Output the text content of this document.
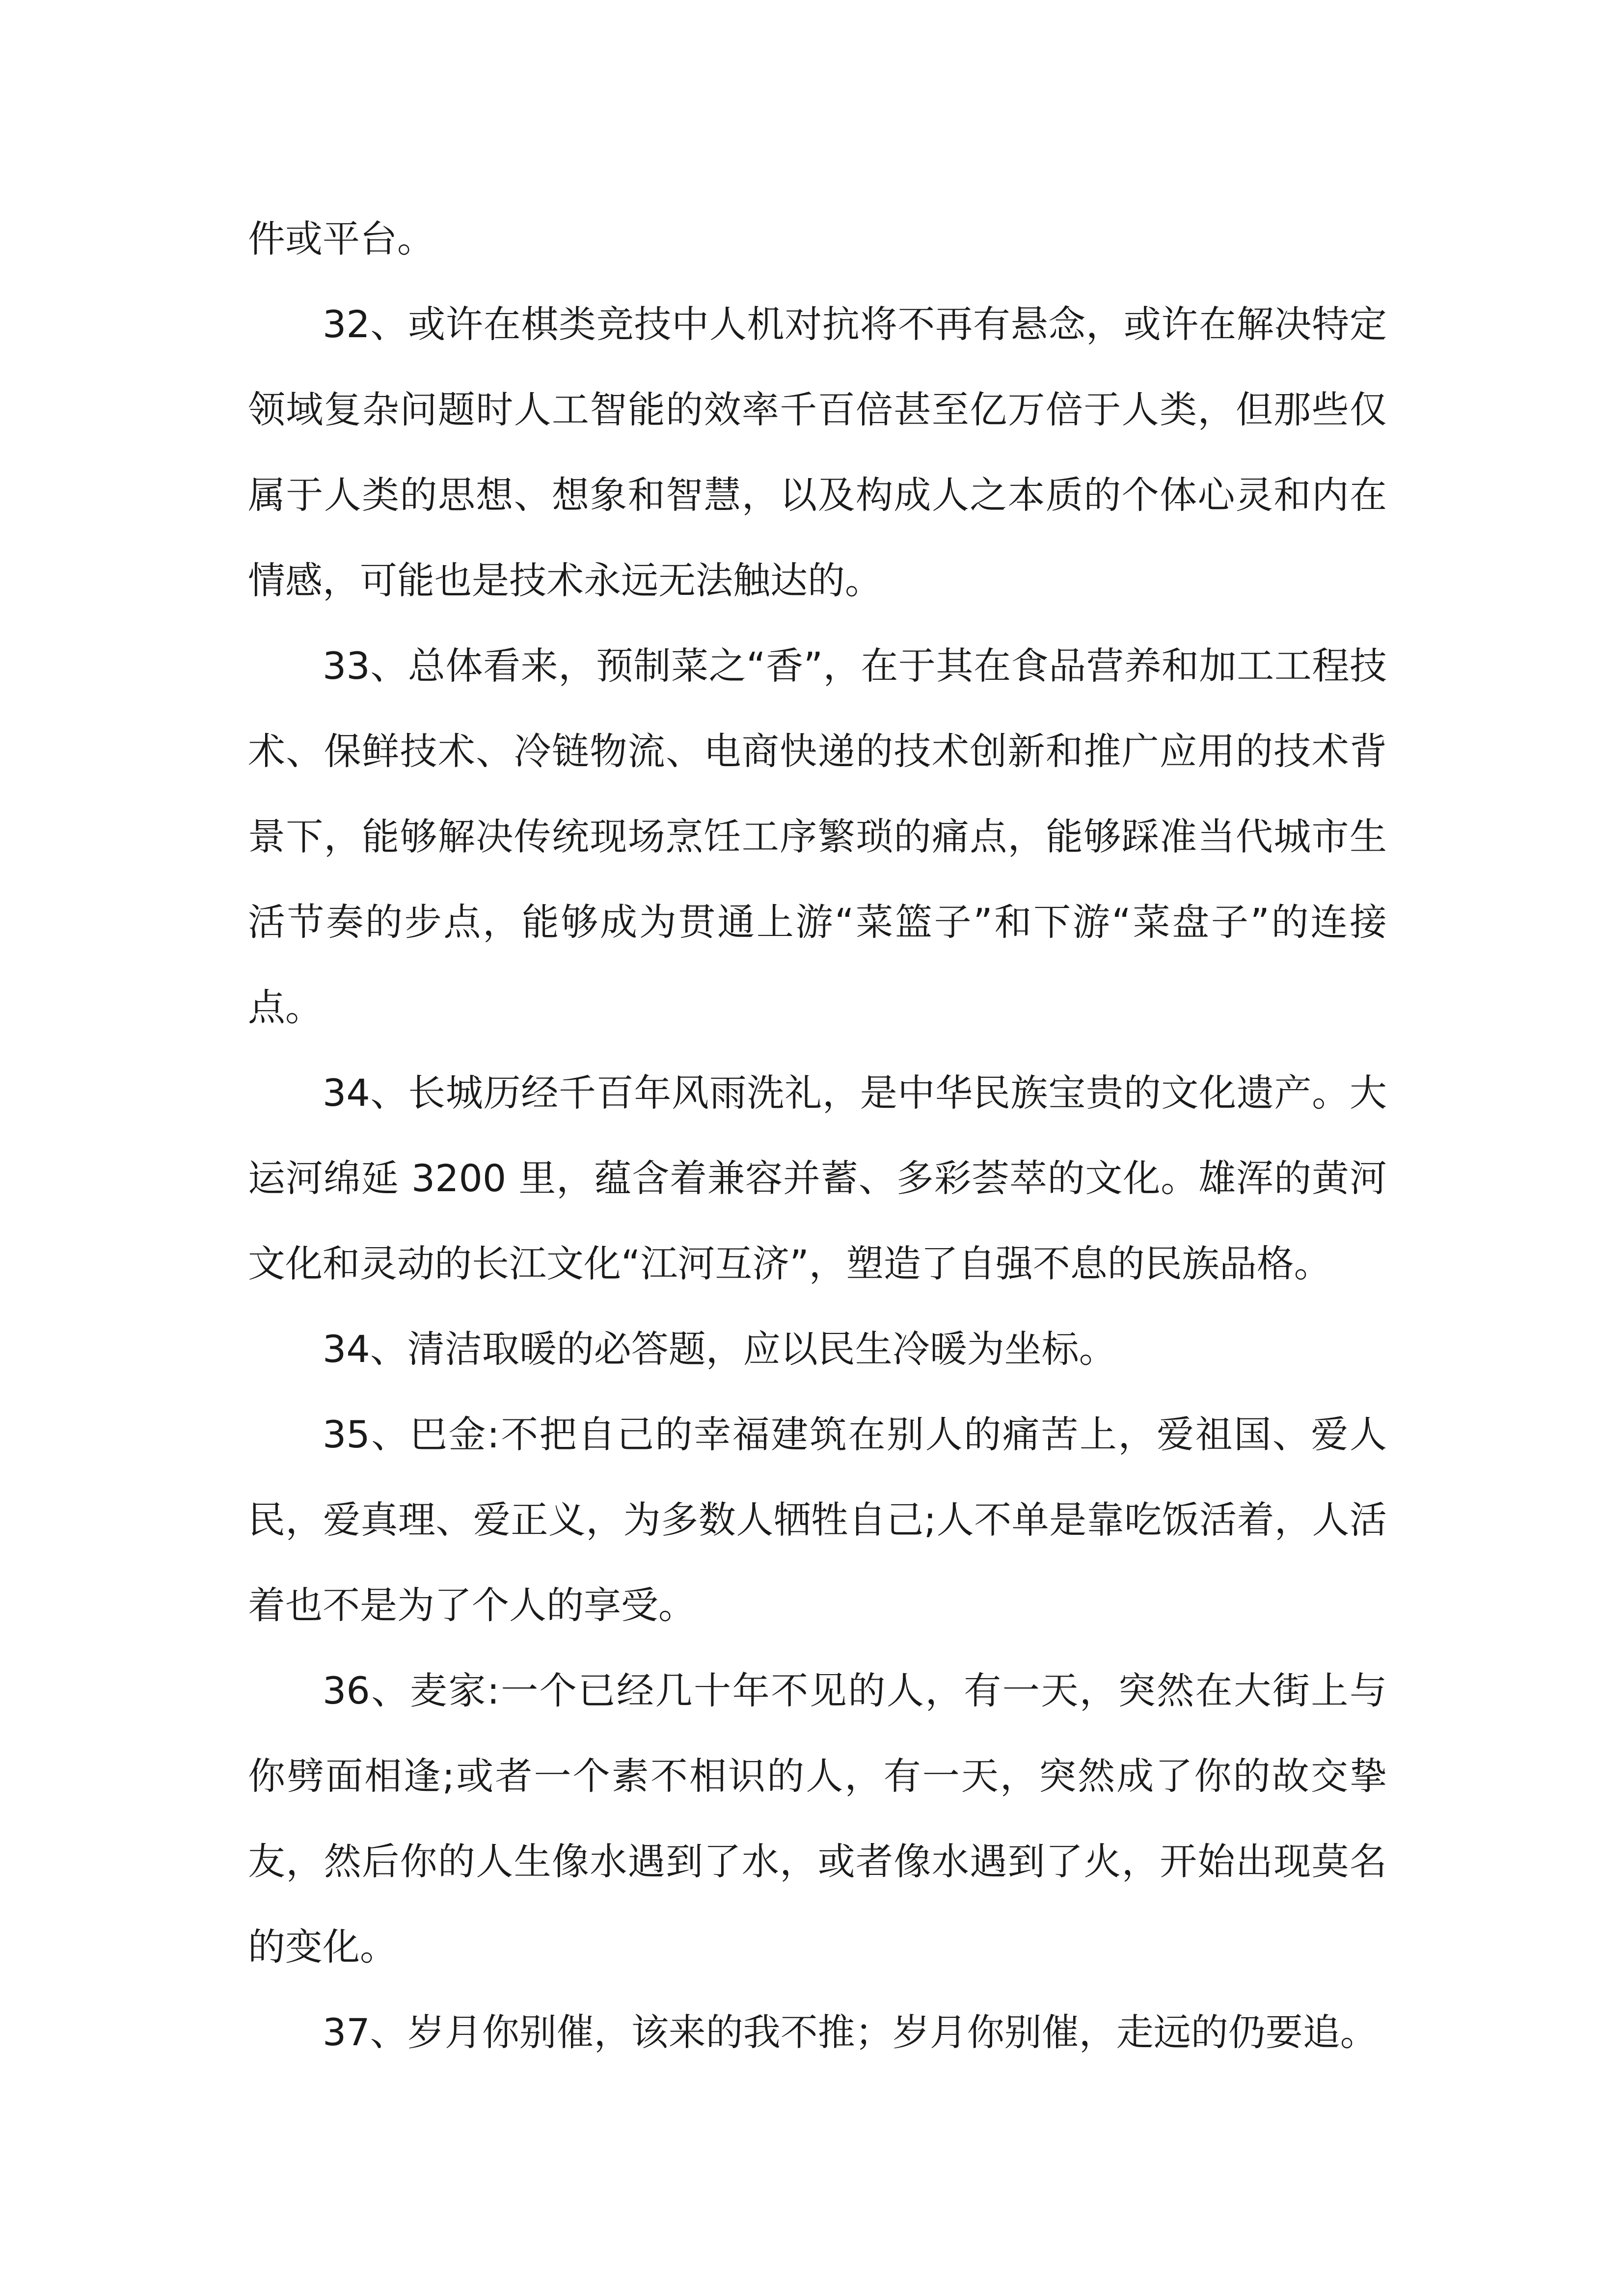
件或平台。

32、或许在棋类竞技中人机对抗将不再有悬念，或许在解决特定领域复杂问题时人工智能的效率千百倍甚至亿万倍于人类，但那些仅属于人类的思想、想象和智慧，以及构成人之本质的个体心灵和内在情感，可能也是技术永远无法触达的。

33、总体看来，预制菜之“香”，在于其在食品营养和加工工程技术、保鲜技术、冷链物流、电商快递的技术创新和推广应用的技术背景下，能够解决传统现场烹饪工序繁琐的痛点，能够踩准当代城市生活节奏的步点，能够成为贯通上游“菜篮子”和下游“菜盘子”的连接点。

34、长城历经千百年风雨洗礼，是中华民族宝贵的文化遗产。大运河绵延 3200 里，蕴含着兼容并蓄、多彩荟萃的文化。雄浑的黄河文化和灵动的长江文化“江河互济”，塑造了自强不息的民族品格。

34、清洁取暖的必答题，应以民生冷暖为坐标。

35、巴金:不把自己的幸福建筑在别人的痛苦上，爱祖国、爱人民，爱真理、爱正义，为多数人牺牲自己;人不单是靠吃饭活着，人活着也不是为了个人的享受。

36、麦家:一个已经几十年不见的人，有一天，突然在大街上与你劈面相逢;或者一个素不相识的人，有一天，突然成了你的故交挚友，然后你的人生像水遇到了水，或者像水遇到了火，开始出现莫名的变化。

37、岁月你别催，该来的我不推；岁月你别催，走远的仍要追。
